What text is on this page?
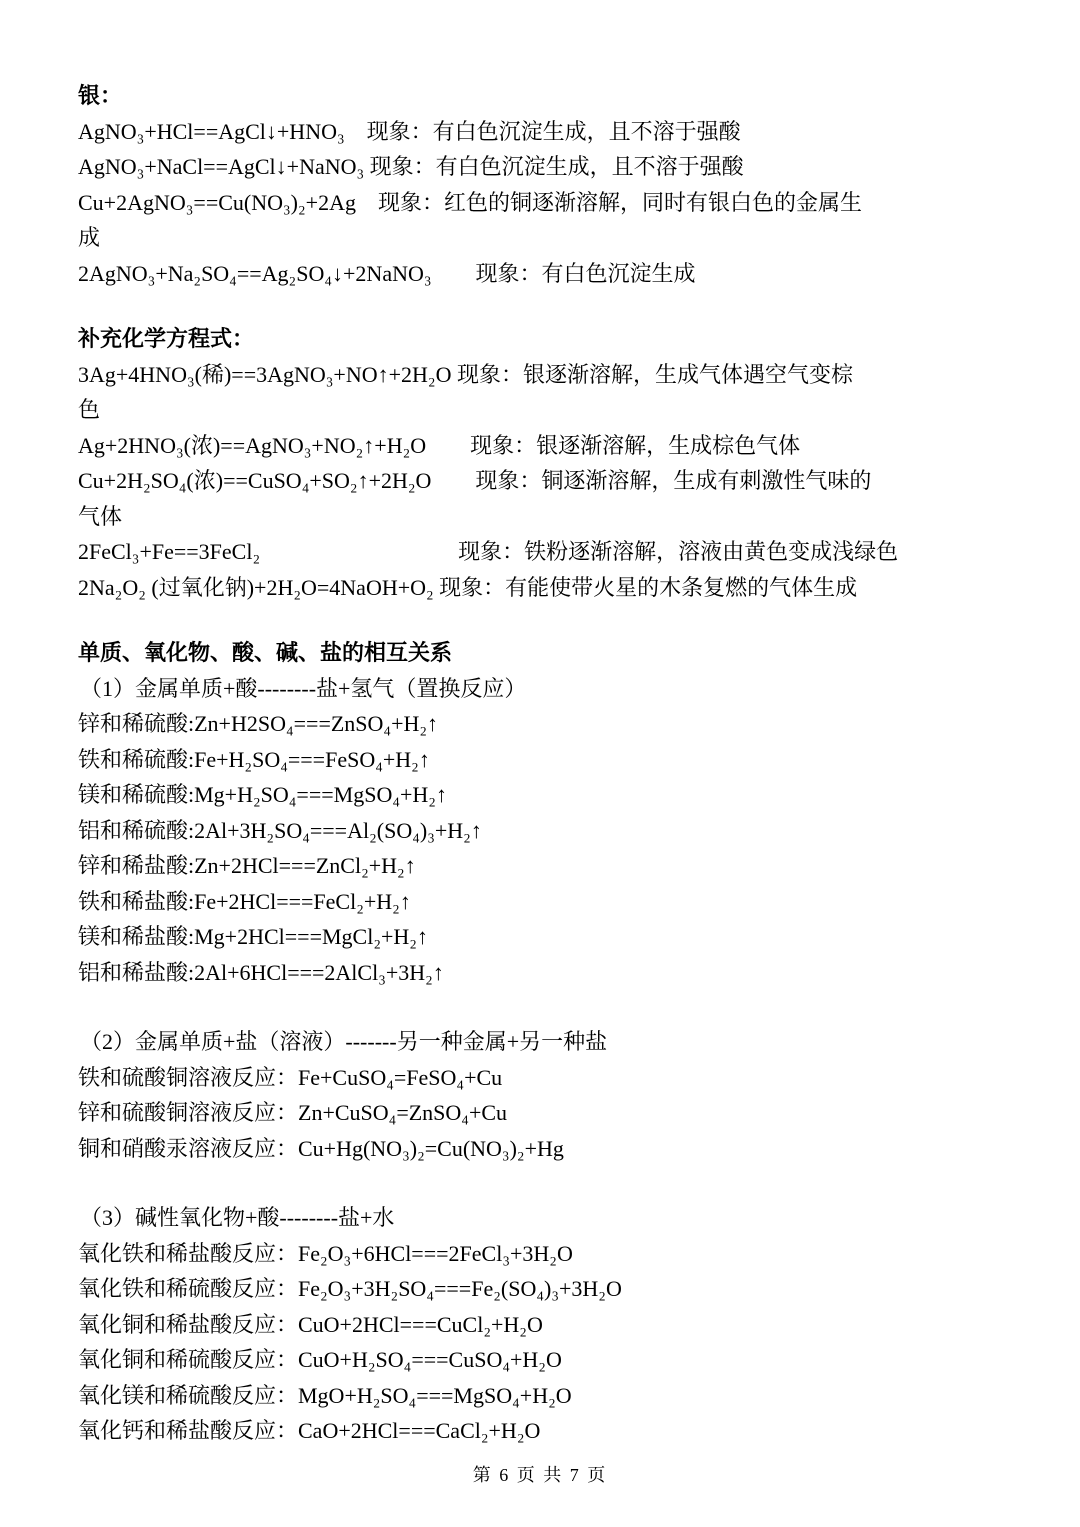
银：

AgNO₃+HCl==AgCl↓+HNO₃　现象：有白色沉淀生成，且不溶于强酸

AgNO₃+NaCl==AgCl↓+NaNO₃ 现象：有白色沉淀生成，且不溶于强酸

Cu+2AgNO₃==Cu(NO₃)₂+2Ag　现象：红色的铜逐渐溶解，同时有银白色的金属生

成

2AgNO₃+Na₂SO₄==Ag₂SO₄↓+2NaNO₃　　现象：有白色沉淀生成

补充化学方程式：

3Ag+4HNO₃(稀)==3AgNO₃+NO↑+2H₂O 现象：银逐渐溶解，生成气体遇空气变棕

色

Ag+2HNO₃(浓)==AgNO₃+NO₂↑+H₂O　　现象：银逐渐溶解，生成棕色气体

Cu+2H₂SO₄(浓)==CuSO₄+SO₂↑+2H₂O　　现象：铜逐渐溶解，生成有刺激性气味的

气体

2FeCl₃+Fe==3FeCl₂　　　　　　　　　现象：铁粉逐渐溶解，溶液由黄色变成浅绿色

2Na₂O₂ (过氧化钠)+2H₂O=4NaOH+O₂ 现象：有能使带火星的木条复燃的气体生成

单质、氧化物、酸、碱、盐的相互关系

（1）金属单质+酸--------盐+氢气（置换反应）

锌和稀硫酸:Zn+H2SO₄===ZnSO₄+H₂↑

铁和稀硫酸:Fe+H₂SO₄===FeSO₄+H₂↑

镁和稀硫酸:Mg+H₂SO₄===MgSO₄+H₂↑

铝和稀硫酸:2Al+3H₂SO₄===Al₂(SO₄)₃+H₂↑

锌和稀盐酸:Zn+2HCl===ZnCl₂+H₂↑

铁和稀盐酸:Fe+2HCl===FeCl₂+H₂↑

镁和稀盐酸:Mg+2HCl===MgCl₂+H₂↑

铝和稀盐酸:2Al+6HCl===2AlCl₃+3H₂↑

（2）金属单质+盐（溶液）-------另一种金属+另一种盐

铁和硫酸铜溶液反应：Fe+CuSO₄=FeSO₄+Cu

锌和硫酸铜溶液反应：Zn+CuSO₄=ZnSO₄+Cu

铜和硝酸汞溶液反应：Cu+Hg(NO₃)₂=Cu(NO₃)₂+Hg

（3）碱性氧化物+酸--------盐+水

氧化铁和稀盐酸反应：Fe₂O₃+6HCl===2FeCl₃+3H₂O

氧化铁和稀硫酸反应：Fe₂O₃+3H₂SO₄===Fe₂(SO₄)₃+3H₂O

氧化铜和稀盐酸反应：CuO+2HCl===CuCl₂+H₂O

氧化铜和稀硫酸反应：CuO+H₂SO₄===CuSO₄+H₂O

氧化镁和稀硫酸反应：MgO+H₂SO₄===MgSO₄+H₂O

氧化钙和稀盐酸反应：CaO+2HCl===CaCl₂+H₂O

第 6 页 共 7 页
